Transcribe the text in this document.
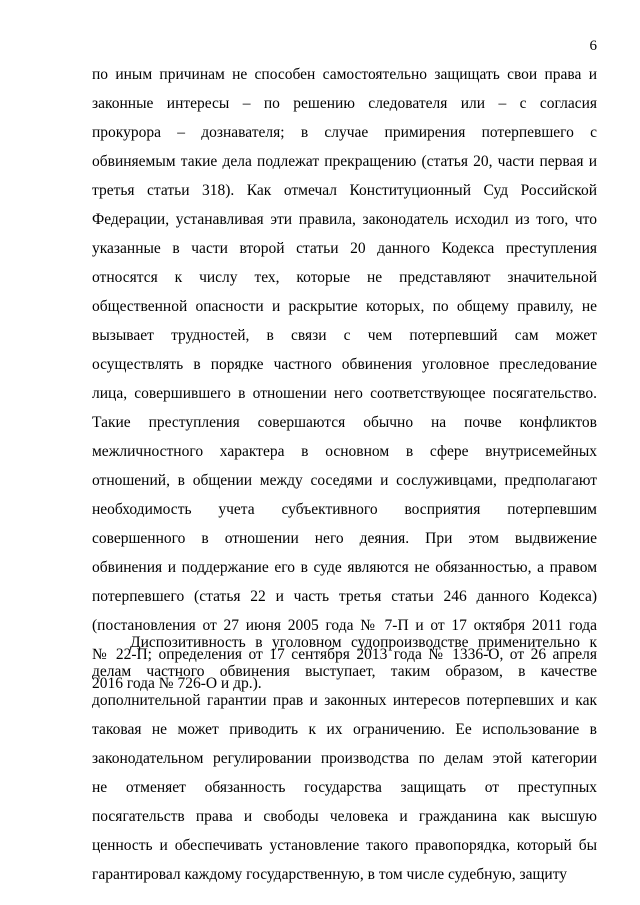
6
по иным причинам не способен самостоятельно защищать свои права и
законные интересы – по решению следователя или – с согласия
прокурора – дознавателя; в случае примирения потерпевшего с
обвиняемым такие дела подлежат прекращению (статья 20, части первая и
третья статьи 318). Как отмечал Конституционный Суд Российской
Федерации, устанавливая эти правила, законодатель исходил из того, что
указанные в части второй статьи 20 данного Кодекса преступления
относятся к числу тех, которые не представляют значительной
общественной опасности и раскрытие которых, по общему правилу, не
вызывает трудностей, в связи с чем потерпевший сам может
осуществлять в порядке частного обвинения уголовное преследование
лица, совершившего в отношении него соответствующее посягательство.
Такие преступления совершаются обычно на почве конфликтов
межличностного характера в основном в сфере внутрисемейных
отношений, в общении между соседями и сослуживцами, предполагают
необходимость учета субъективного восприятия потерпевшим
совершенного в отношении него деяния. При этом выдвижение
обвинения и поддержание его в суде являются не обязанностью, а правом
потерпевшего (статья 22 и часть третья статьи 246 данного Кодекса)
(постановления от 27 июня 2005 года № 7-П и от 17 октября 2011 года
№ 22-П; определения от 17 сентября 2013 года № 1336-О, от 26 апреля
2016 года № 726-О и др.).
Диспозитивность в уголовном судопроизводстве применительно к
делам частного обвинения выступает, таким образом, в качестве
дополнительной гарантии прав и законных интересов потерпевших и как
таковая не может приводить к их ограничению. Ее использование в
законодательном регулировании производства по делам этой категории
не отменяет обязанность государства защищать от преступных
посягательств права и свободы человека и гражданина как высшую
ценность и обеспечивать установление такого правопорядка, который бы
гарантировал каждому государственную, в том числе судебную, защиту
